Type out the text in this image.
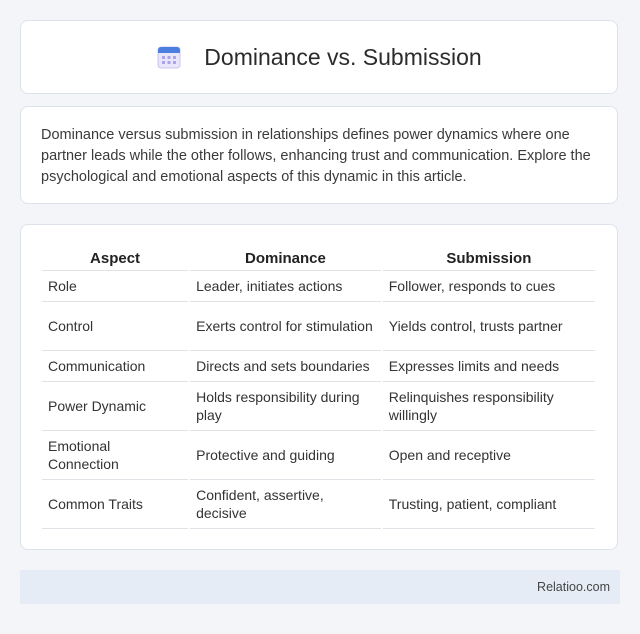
Dominance vs. Submission

Dominance versus submission in relationships defines power dynamics where one partner leads while the other follows, enhancing trust and communication. Explore the psychological and emotional aspects of this dynamic in this article.

Aspect	Dominance	Submission
Role	Leader, initiates actions	Follower, responds to cues
Control	Exerts control for stimulation	Yields control, trusts partner
Communication	Directs and sets boundaries	Expresses limits and needs
Power Dynamic	Holds responsibility during play	Relinquishes responsibility willingly
Emotional Connection	Protective and guiding	Open and receptive
Common Traits	Confident, assertive, decisive	Trusting, patient, compliant
Relatioo.com
